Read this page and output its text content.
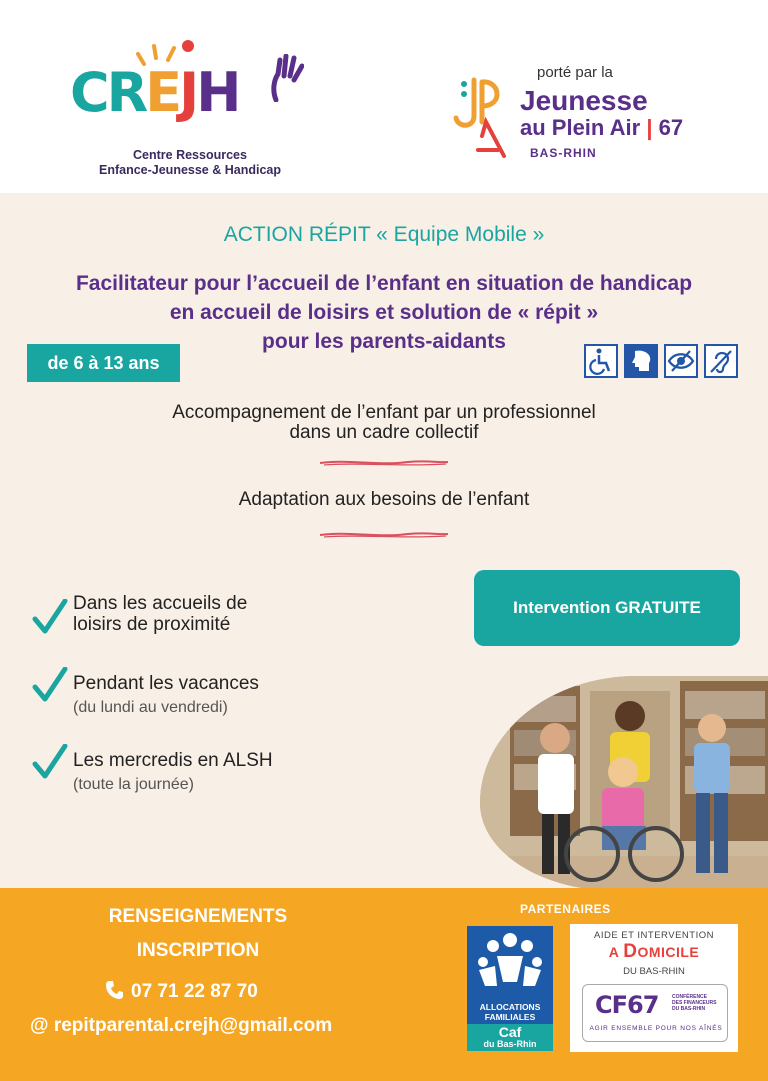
CREJH
Centre Ressources
Enfance-Jeunesse & Handicap
porté par la
Jeunesse
au Plein Air | 67
BAS-RHIN
ACTION RÉPIT « Equipe Mobile »
Facilitateur pour l’accueil de l’enfant en situation de handicap
en accueil de loisirs et solution de « répit »
pour les parents-aidants
de 6 à 13 ans
Accompagnement de l’enfant par un professionnel
dans un cadre collectif
Adaptation aux besoins de l’enfant
Dans les accueils de
loisirs de proximité
Pendant les vacances
(du lundi au vendredi)
Les mercredis en ALSH
(toute la journée)
Intervention GRATUITE
RENSEIGNEMENTS
INSCRIPTION
07 71 22 87 70
@ repitparental.crejh@gmail.com
PARTENAIRES
ALLOCATIONS
FAMILIALES
Caf
du Bas-Rhin
AIDE ET INTERVENTION
A DOMICILE
DU BAS-RHIN
CF67	CONFÉRENCE
DES FINANCEURS
DU BAS-RHIN
AGIR ENSEMBLE POUR NOS AÎNÉS
